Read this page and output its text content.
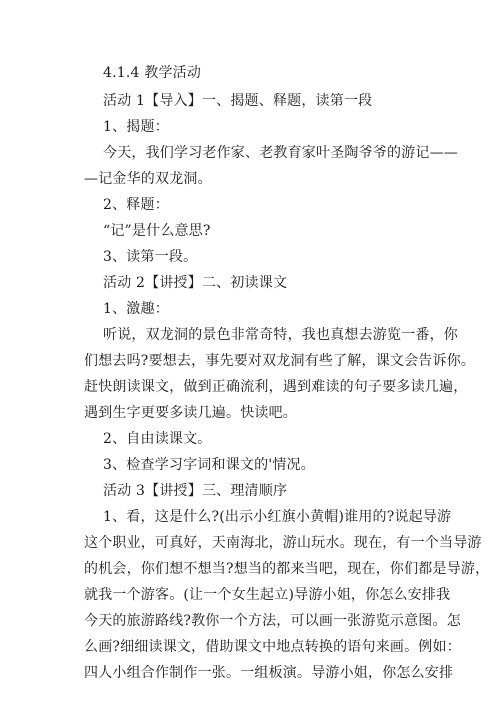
4.1.4 教学活动
活动 1【导入】一、揭题、释题，读第一段
1、揭题：
今天，我们学习老作家、老教育家叶圣陶爷爷的游记——
—记金华的双龙洞。
2、释题：
“记”是什么意思?
3、读第一段。
活动 2【讲授】二、初读课文
1、激趣：
听说，双龙洞的景色非常奇特，我也真想去游览一番，你
们想去吗?要想去，事先要对双龙洞有些了解，课文会告诉你。
赶快朗读课文，做到正确流利，遇到难读的句子要多读几遍，
遇到生字更要多读几遍。快读吧。
2、自由读课文。
3、检查学习字词和课文的'情况。
活动 3【讲授】三、理清顺序
1、看，这是什么?(出示小红旗小黄帽)谁用的?说起导游
这个职业，可真好，天南海北，游山玩水。现在，有一个当导游
的机会，你们想不想当?想当的都来当吧，现在，你们都是导游，
就我一个游客。(让一个女生起立)导游小姐，你怎么安排我
今天的旅游路线?教你一个方法，可以画一张游览示意图。怎
么画?细细读课文，借助课文中地点转换的语句来画。例如：
四人小组合作制作一张。一组板演。导游小姐，你怎么安排
